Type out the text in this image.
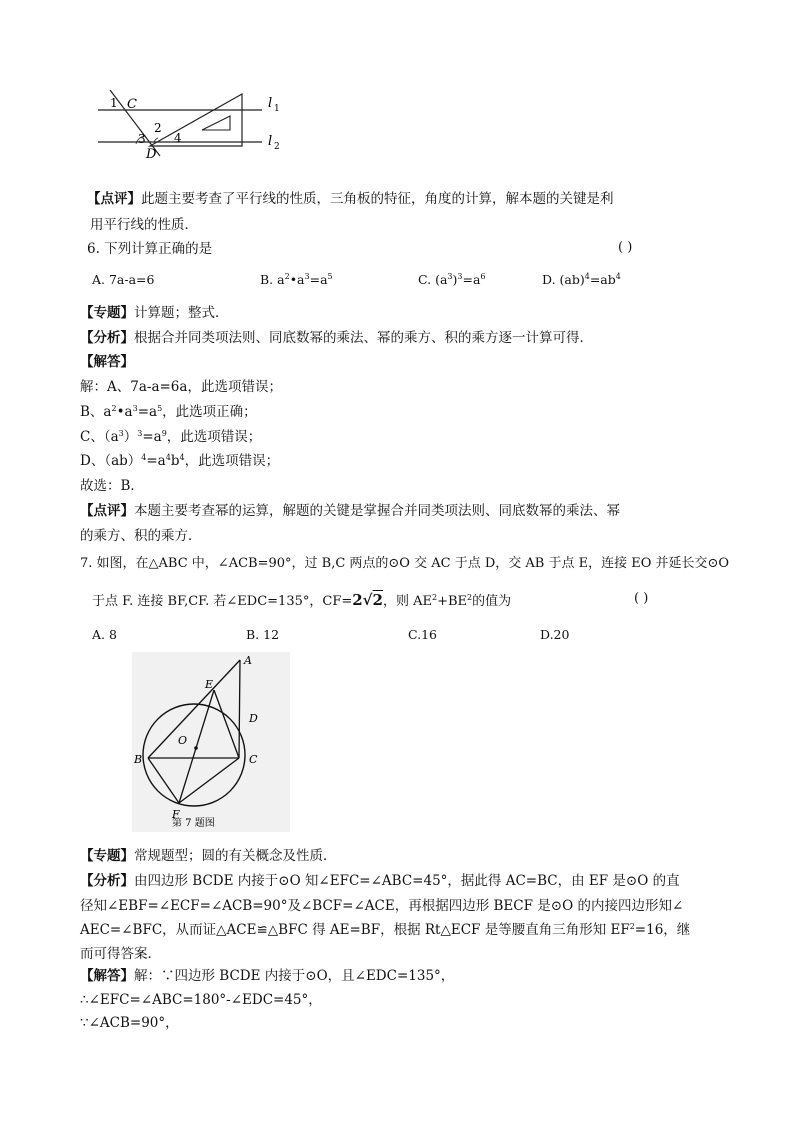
1 C
2
3 4
D
l 1
l 2
【点评】此题主要考查了平行线的性质，三角板的特征，角度的计算，解本题的关键是利
用平行线的性质．
6. 下列计算正确的是	( )
A. 7a-a=6	B. $a^2•a^3=a^5$	C. $(a^3)^3=a^6$	D. $(ab)^4=ab^4$
【专题】计算题；整式．
【分析】根据合并同类项法则、同底数幂的乘法、幂的乘方、积的乘方逐一计算可得．
【解答】
解：A、7a-a=6a，此选项错误；
B、$a^2•a^3=a^5$，此选项正确；
C、$(a^3)^3=a^9$，此选项错误；
D、$(ab)^4=a^4b^4$，此选项错误；
故选：B．
【点评】本题主要考查幂的运算，解题的关键是掌握合并同类项法则、同底数幂的乘法、幂
的乘方、积的乘方．
7. 如图，在△ABC 中，∠ACB=90°，过 B,C 两点的⊙O 交 AC 于点 D，交 AB 于点 E，连接 EO 并延长交⊙O
于点 F. 连接 BF,CF. 若∠EDC=135°，CF=2√2，则 $AE^2+BE^2$的值为	( )
A. 8	B. 12	C.16	D.20
A
E
D
O
B	C
F
第 7 题图
【专题】常规题型；圆的有关概念及性质．
【分析】由四边形 BCDE 内接于⊙O 知∠EFC=∠ABC=45°，据此得 AC=BC，由 EF 是⊙O 的直
径知∠EBF=∠ECF=∠ACB=90°及∠BCF=∠ACE，再根据四边形 BECF 是⊙O 的内接四边形知∠
AEC=∠BFC，从而证△ACE≌△BFC 得 AE=BF，根据 Rt△ECF 是等腰直角三角形知 $EF^2=16$，继
而可得答案．
【解答】解：∵四边形 BCDE 内接于⊙O，且∠EDC=135°，
∴∠EFC=∠ABC=180°-∠EDC=45°，
∵∠ACB=90°，
